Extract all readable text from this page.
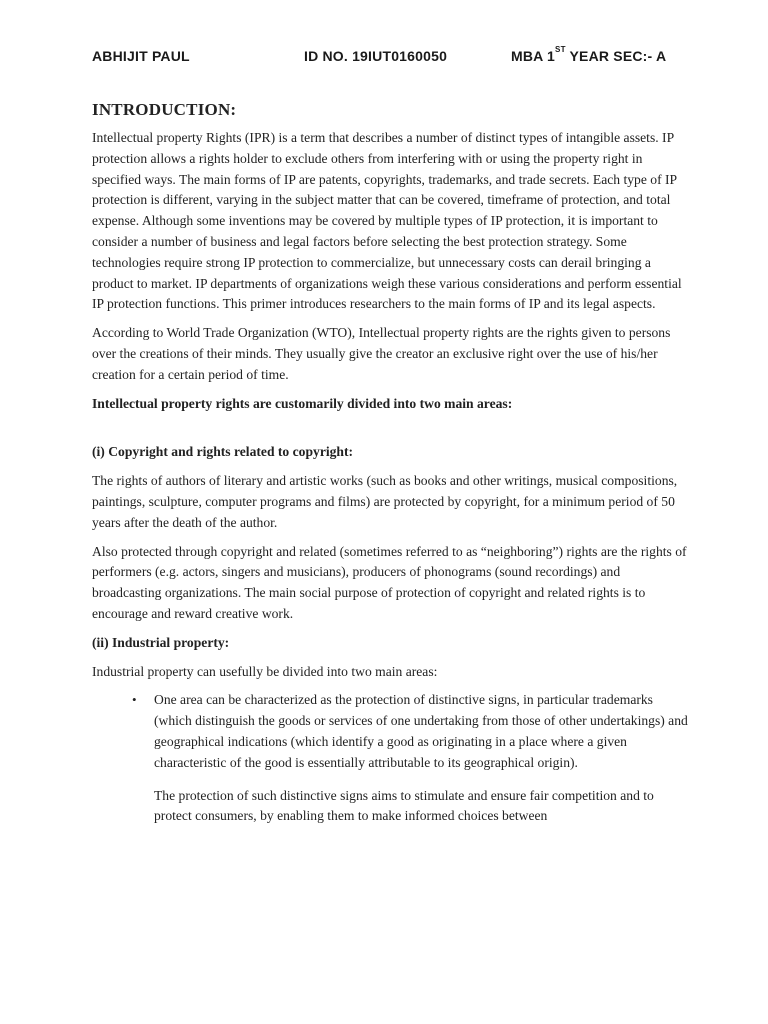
ABHIJIT PAUL	ID NO. 19IUT0160050	MBA 1ST YEAR SEC:- A
INTRODUCTION:

Intellectual property Rights (IPR) is a term that describes a number of distinct types of intangible assets. IP protection allows a rights holder to exclude others from interfering with or using the property right in specified ways. The main forms of IP are patents, copyrights, trademarks, and trade secrets. Each type of IP protection is different, varying in the subject matter that can be covered, timeframe of protection, and total expense. Although some inventions may be covered by multiple types of IP protection, it is important to consider a number of business and legal factors before selecting the best protection strategy. Some technologies require strong IP protection to commercialize, but unnecessary costs can derail bringing a product to market. IP departments of organizations weigh these various considerations and perform essential IP protection functions. This primer introduces researchers to the main forms of IP and its legal aspects.

According to World Trade Organization (WTO), Intellectual property rights are the rights given to persons over the creations of their minds. They usually give the creator an exclusive right over the use of his/her creation for a certain period of time.

Intellectual property rights are customarily divided into two main areas:

(i) Copyright and rights related to copyright:

The rights of authors of literary and artistic works (such as books and other writings, musical compositions, paintings, sculpture, computer programs and films) are protected by copyright, for a minimum period of 50 years after the death of the author.

Also protected through copyright and related (sometimes referred to as “neighboring”) rights are the rights of performers (e.g. actors, singers and musicians), producers of phonograms (sound recordings) and broadcasting organizations. The main social purpose of protection of copyright and related rights is to encourage and reward creative work.

(ii) Industrial property:

Industrial property can usefully be divided into two main areas:

• One area can be characterized as the protection of distinctive signs, in particular trademarks (which distinguish the goods or services of one undertaking from those of other undertakings) and geographical indications (which identify a good as originating in a place where a given characteristic of the good is essentially attributable to its geographical origin).

The protection of such distinctive signs aims to stimulate and ensure fair competition and to protect consumers, by enabling them to make informed choices between
